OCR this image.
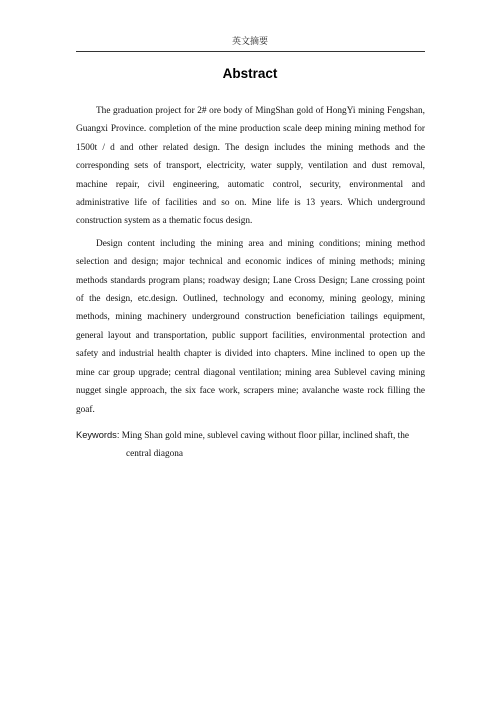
英文摘要
Abstract

The graduation project for 2# ore body of MingShan gold of HongYi mining Fengshan, Guangxi Province. completion of the mine production scale deep mining mining method for 1500t / d and other related design. The design includes the mining methods and the corresponding sets of transport, electricity, water supply, ventilation and dust removal, machine repair, civil engineering, automatic control, security, environmental and administrative life of facilities and so on. Mine life is 13 years. Which underground construction system as a thematic focus design.

Design content including the mining area and mining conditions; mining method selection and design; major technical and economic indices of mining methods; mining methods standards program plans; roadway design; Lane Cross Design; Lane crossing point of the design, etc.design. Outlined, technology and economy, mining geology, mining methods, mining machinery underground construction beneficiation tailings equipment, general layout and transportation, public support facilities, environmental protection and safety and industrial health chapter is divided into chapters. Mine inclined to open up the mine car group upgrade; central diagonal ventilation; mining area Sublevel caving mining nugget single approach, the six face work, scrapers mine; avalanche waste rock filling the goaf.

Keywords: Ming Shan gold mine, sublevel caving without floor pillar, inclined shaft, the central diagona
